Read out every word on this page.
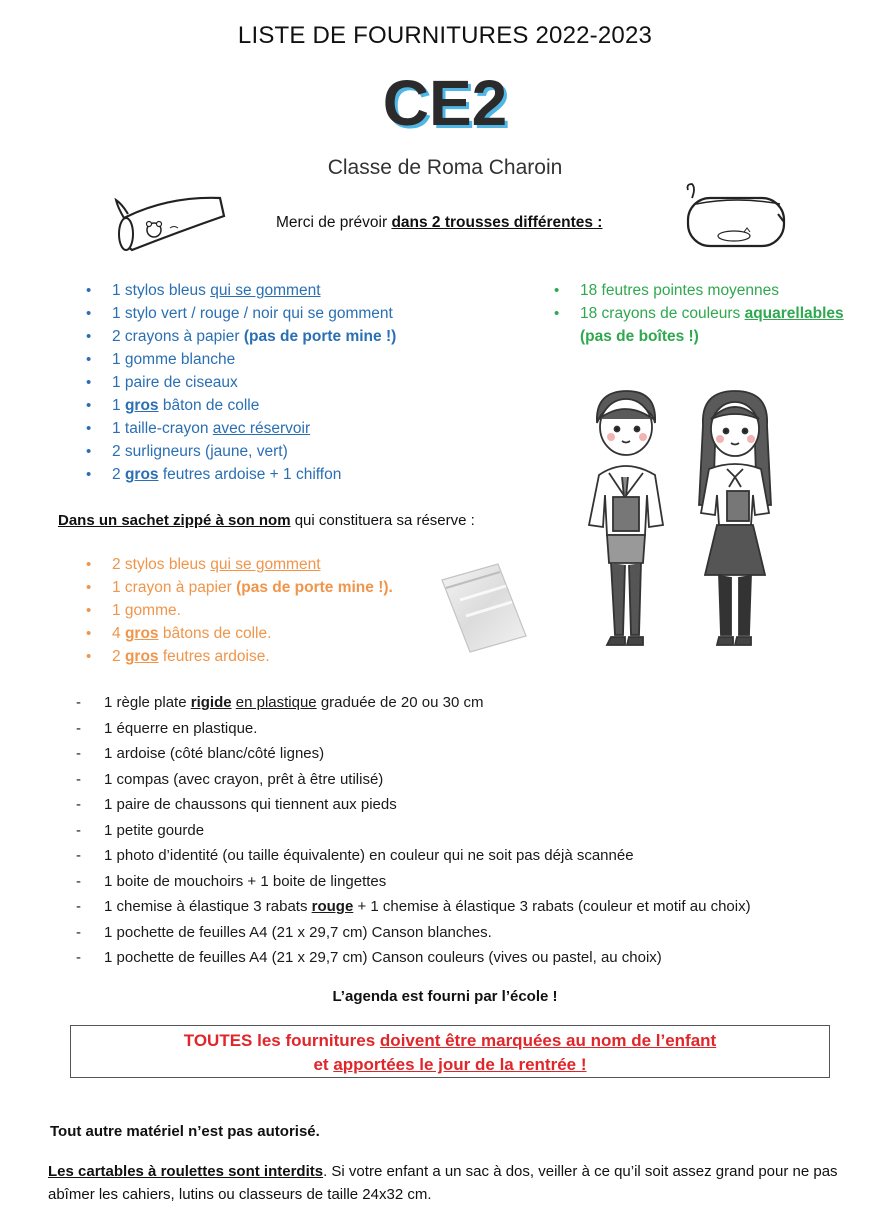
LISTE DE FOURNITURES 2022-2023
CE2
Classe de Roma Charoin
Merci de prévoir dans 2 trousses différentes :
• 1 stylos bleus qui se gomment
• 1 stylo vert / rouge / noir qui se gomment
• 2 crayons à papier (pas de porte mine !)
• 1 gomme blanche
• 1 paire de ciseaux
• 1 gros bâton de colle
• 1 taille-crayon avec réservoir
• 2 surligneurs (jaune, vert)
• 2 gros feutres ardoise + 1 chiffon
• 18 feutres pointes moyennes
• 18 crayons de couleurs aquarellables
(pas de boîtes !)
Dans un sachet zippé à son nom qui constituera sa réserve :
• 2 stylos bleus qui se gomment
• 1 crayon à papier (pas de porte mine !).
• 1 gomme.
• 4 gros bâtons de colle.
• 2 gros feutres ardoise.
- 1 règle plate rigide en plastique graduée de 20 ou 30 cm
- 1 équerre en plastique.
- 1 ardoise (côté blanc/côté lignes)
- 1 compas (avec crayon, prêt à être utilisé)
- 1 paire de chaussons qui tiennent aux pieds
- 1 petite gourde
- 1 photo d’identité (ou taille équivalente) en couleur qui ne soit pas déjà scannée
- 1 boite de mouchoirs + 1 boite de lingettes
- 1 chemise à élastique 3 rabats rouge + 1 chemise à élastique 3 rabats (couleur et motif au choix)
- 1 pochette de feuilles A4 (21 x 29,7 cm) Canson blanches.
- 1 pochette de feuilles A4 (21 x 29,7 cm) Canson couleurs (vives ou pastel, au choix)
L’agenda est fourni par l’école !
TOUTES les fournitures doivent être marquées au nom de l’enfant
et apportées le jour de la rentrée !
Tout autre matériel n’est pas autorisé.
Les cartables à roulettes sont interdits. Si votre enfant a un sac à dos, veiller à ce qu’il soit assez grand pour ne pas abîmer les cahiers, lutins ou classeurs de taille 24x32 cm.
